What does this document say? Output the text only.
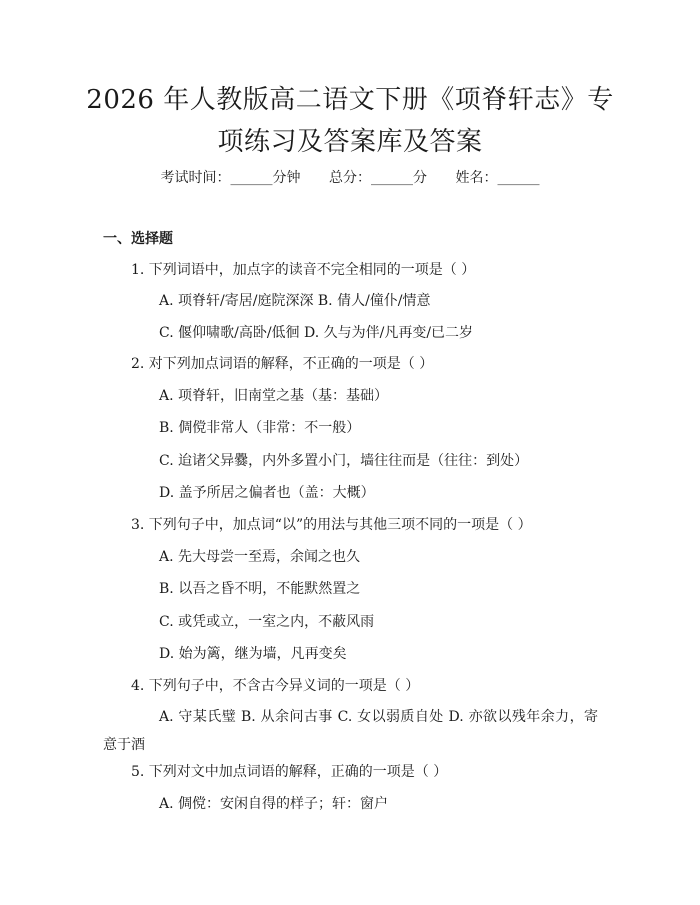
2026 年人教版高二语文下册《项脊轩志》专
项练习及答案库及答案
考试时间：______分钟 总分：______分 姓名：______
一、选择题
1. 下列词语中，加点字的读音不完全相同的一项是（ ）
A. 项脊轩/寄居/庭院深深 B. 倩人/僮仆/情意
C. 偃仰啸歌/高卧/低徊 D. 久与为伴/凡再变/已二岁
2. 对下列加点词语的解释，不正确的一项是（ ）
A. 项脊轩，旧南堂之基（基：基础）
B. 倜傥非常人（非常：不一般）
C. 迨诸父异爨，内外多置小门，墙往往而是（往往：到处）
D. 盖予所居之偏者也（盖：大概）
3. 下列句子中，加点词“以”的用法与其他三项不同的一项是（ ）
A. 先大母尝一至焉，余闻之也久
B. 以吾之昏不明，不能默然置之
C. 或凭或立，一室之内，不蔽风雨
D. 始为篱，继为墙，凡再变矣
4. 下列句子中，不含古今异义词的一项是（ ）
A. 守某氏璧 B. 从余问古事 C. 女以弱质自处 D. 亦欲以残年余力，寄意于酒
5. 下列对文中加点词语的解释，正确的一项是（ ）
A. 倜傥：安闲自得的样子；轩：窗户
